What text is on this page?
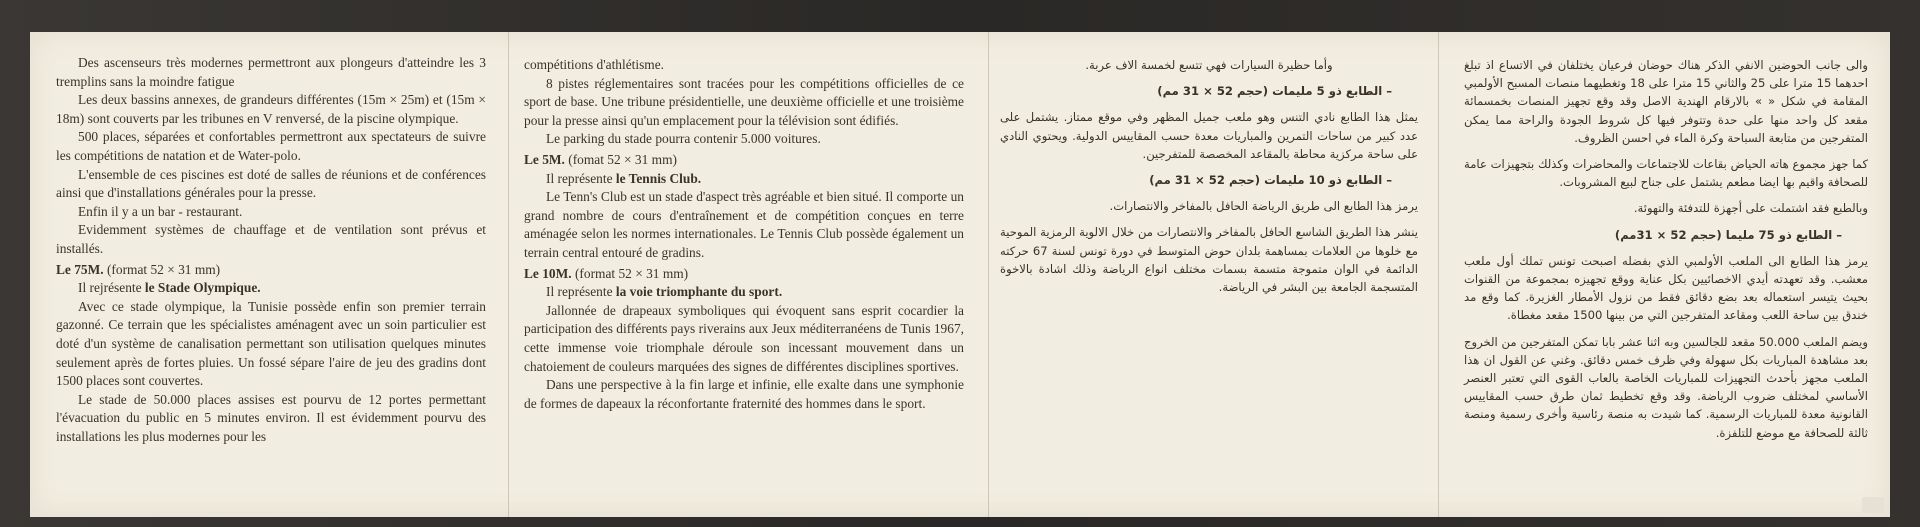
Des ascenseurs très modernes permettront aux plongeurs d'atteindre les 3 tremplins sans la moindre fatigue

Les deux bassins annexes, de grandeurs différentes (15m × 25m) et (15m × 18m) sont couverts par les tribunes en V renversé, de la piscine olympique.

500 places, séparées et confortables permettront aux spectateurs de suivre les compétitions de natation et de Water-polo.

L'ensemble de ces piscines est doté de salles de réunions et de conférences ainsi que d'installations générales pour la presse.

Enfin il y a un bar - restaurant.

Evidemment systèmes de chauffage et de ventilation sont prévus et installés.

Le 75M. (format 52 × 31 mm)

Il rejrésente le Stade Olympique.

Avec ce stade olympique, la Tunisie possède enfin son premier terrain gazonné. Ce terrain que les spécialistes aménagent avec un soin particulier est doté d'un système de canalisation permettant son utilisation quelques minutes seulement après de fortes pluies. Un fossé sépare l'aire de jeu des gradins dont 1500 places sont couvertes.

Le stade de 50.000 places assises est pourvu de 12 portes permettant l'évacuation du public en 5 minutes environ. Il est évidemment pourvu des installations les plus modernes pour les

compétitions d'athlétisme.

8 pistes réglementaires sont tracées pour les compétitions officielles de ce sport de base. Une tribune présidentielle, une deuxième officielle et une troisième pour la presse ainsi qu'un emplacement pour la télévision sont édifiés.

Le parking du stade pourra contenir 5.000 voitures.

Le 5M. (fomat 52 × 31 mm)

Il représente le Tennis Club.

Le Tenn's Club est un stade d'aspect très agréable et bien situé. Il comporte un grand nombre de cours d'entraînement et de compétition conçues en terre aménagée selon les normes internationales. Le Tennis Club possède également un terrain central entouré de gradins.

Le 10M. (format 52 × 31 mm)

Il représente la voie triomphante du sport.

Jallonnée de drapeaux symboliques qui évoquent sans esprit cocardier la participation des différents pays riverains aux Jeux méditerranéens de Tunis 1967, cette immense voie triomphale déroule son incessant mouvement dans un chatoiement de couleurs marquées des signes de différentes disciplines sportives.

Dans une perspective à la fin large et infinie, elle exalte dans une symphonie de formes de dapeaux la réconfortante fraternité des hommes dans le sport.

وأما حظيرة السيارات فهي تتسع لخمسة الاف عربة.

– الطابع ذو 5 مليمات (حجم 52 × 31 مم)

يمثل هذا الطابع نادي التنس وهو ملعب جميل المظهر وفي موقع ممتاز. يشتمل على عدد كبير من ساحات التمرين والمباريات معدة حسب المقاييس الدولية. ويحتوي النادي على ساحة مركزية محاطة بالمقاعد المخصصة للمتفرجين.

– الطابع ذو 10 مليمات (حجم 52 × 31 مم)

يرمز هذا الطابع الى طريق الرياضة الحافل بالمفاخر والانتصارات.

ينشر هذا الطريق الشاسع الحافل بالمفاخر والانتصارات من خلال الالوية الرمزية الموحية مع خلوها من العلامات بمساهمة بلدان حوض المتوسط في دورة تونس لسنة 67 حركته الدائمة في الوان متموجة متسمة بسمات مختلف انواع الرياضة وذلك اشادة بالاخوة المتسجمة الجامعة بين البشر في الرياضة.

والى جانب الحوضين الانفي الذكر هناك حوضان فرعيان يختلفان في الاتساع اذ تبلغ احدهما 15 مترا على 25 والثاني 15 مترا على 18 وتغطيهما منصات المسبح الأولمبي المقامة في شكل « » بالارقام الهندية الاصل وقد وقع تجهيز المنصات بخمسمائة مقعد كل واحد منها على حدة وتتوفر فيها كل شروط الجودة والراحة مما يمكن المتفرجين من متابعة السباحة وكرة الماء في احسن الظروف.

كما جهز مجموع هاته الحياض بقاعات للاجتماعات والمحاضرات وكذلك بتجهيزات عامة للصحافة واقيم بها ايضا مطعم يشتمل على جناح لبيع المشروبات.

وبالطبع فقد اشتملت على أجهزة للتدفئة والتهوئة.

– الطابع ذو 75 مليما (حجم 52 × 31مم)

يرمز هذا الطابع الى الملعب الأولمبي الذي بفضله اصبحت تونس تملك أول ملعب معشب. وقد تعهدته أيدي الاخصائيين بكل عناية ووقع تجهيزه بمجموعة من القنوات بحيث يتيسر استعماله بعد بضع دقائق فقط من نزول الأمطار الغزيرة. كما وقع مد خندق بين ساحة اللعب ومقاعد المتفرجين التي من بينها 1500 مقعد مغطاة.

ويضم الملعب 50.000 مقعد للجالسين وبه اثنا عشر بابا تمكن المتفرجين من الخروج بعد مشاهدة المباريات بكل سهولة وفي ظرف خمس دقائق. وغني عن القول ان هذا الملعب مجهز بأحدث التجهيزات للمباريات الخاصة بالعاب القوى التي تعتبر العنصر الأساسي لمختلف ضروب الرياضة. وقد وقع تخطيط ثمان طرق حسب المقاييس القانونية معدة للمباريات الرسمية. كما شيدت به منصة رئاسية وأخرى رسمية ومنصة ثالثة للصحافة مع موضع للتلفزة.
